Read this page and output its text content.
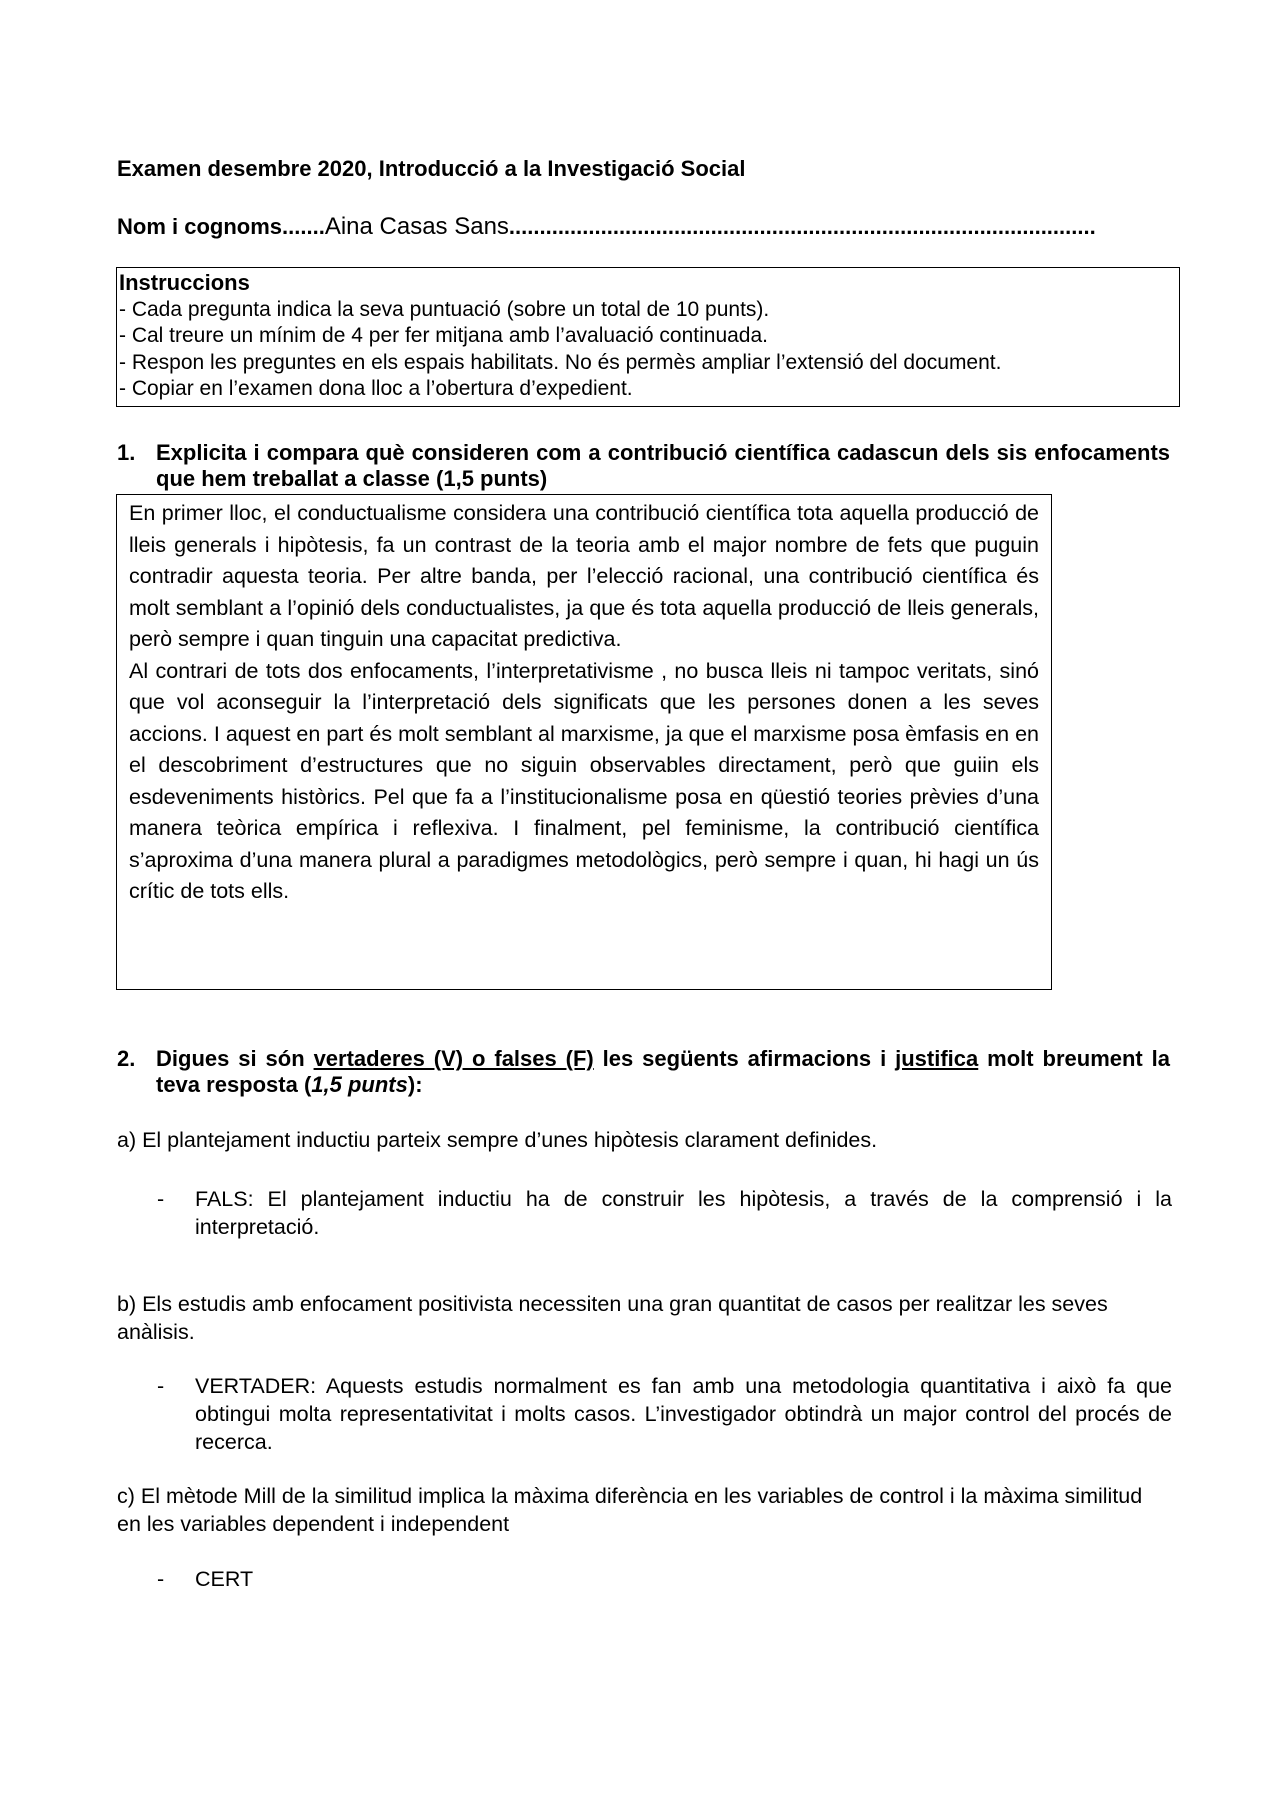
Examen desembre 2020, Introducció a la Investigació Social
Nom i cognoms.......Aina Casas Sans................................................................................................
Instruccions
- Cada pregunta indica la seva puntuació (sobre un total de 10 punts).
- Cal treure un mínim de 4 per fer mitjana amb l’avaluació continuada.
- Respon les preguntes en els espais habilitats. No és permès ampliar l’extensió del document.
- Copiar en l’examen dona lloc a l’obertura d’expedient.
1. Explicita i compara què consideren com a contribució científica cadascun dels sis enfocaments que hem treballat a classe (1,5 punts)

En primer lloc, el conductualisme considera una contribució científica tota aquella producció de lleis generals i hipòtesis, fa un contrast de la teoria amb el major nombre de fets que puguin contradir aquesta teoria. Per altre banda, per l’elecció racional, una contribució científica és molt semblant a l’opinió dels conductualistes, ja que és tota aquella producció de lleis generals, però sempre i quan tinguin una capacitat predictiva.

Al contrari de tots dos enfocaments, l’interpretativisme , no busca lleis ni tampoc veritats, sinó que vol aconseguir la l’interpretació dels significats que les persones donen a les seves accions. I aquest en part és molt semblant al marxisme, ja que el marxisme posa èmfasis en en el descobriment d’estructures que no siguin observables directament, però que guiin els esdeveniments històrics. Pel que fa a l’institucionalisme posa en qüestió teories prèvies d’una manera teòrica empírica i reflexiva. I finalment, pel feminisme, la contribució científica s’aproxima d’una manera plural a paradigmes metodològics, però sempre i quan, hi hagi un ús crític de tots ells.

2. Digues si són vertaderes (V) o falses (F) les següents afirmacions i justifica molt breument la teva resposta (1,5 punts):
a) El plantejament inductiu parteix sempre d’unes hipòtesis clarament definides.
- FALS: El plantejament inductiu ha de construir les hipòtesis, a través de la comprensió i la interpretació.
b) Els estudis amb enfocament positivista necessiten una gran quantitat de casos per realitzar les seves anàlisis.
- VERTADER: Aquests estudis normalment es fan amb una metodologia quantitativa i això fa que obtingui molta representativitat i molts casos. L’investigador obtindrà un major control del procés de recerca.
c) El mètode Mill de la similitud implica la màxima diferència en les variables de control i la màxima similitud en les variables dependent i independent
- CERT
